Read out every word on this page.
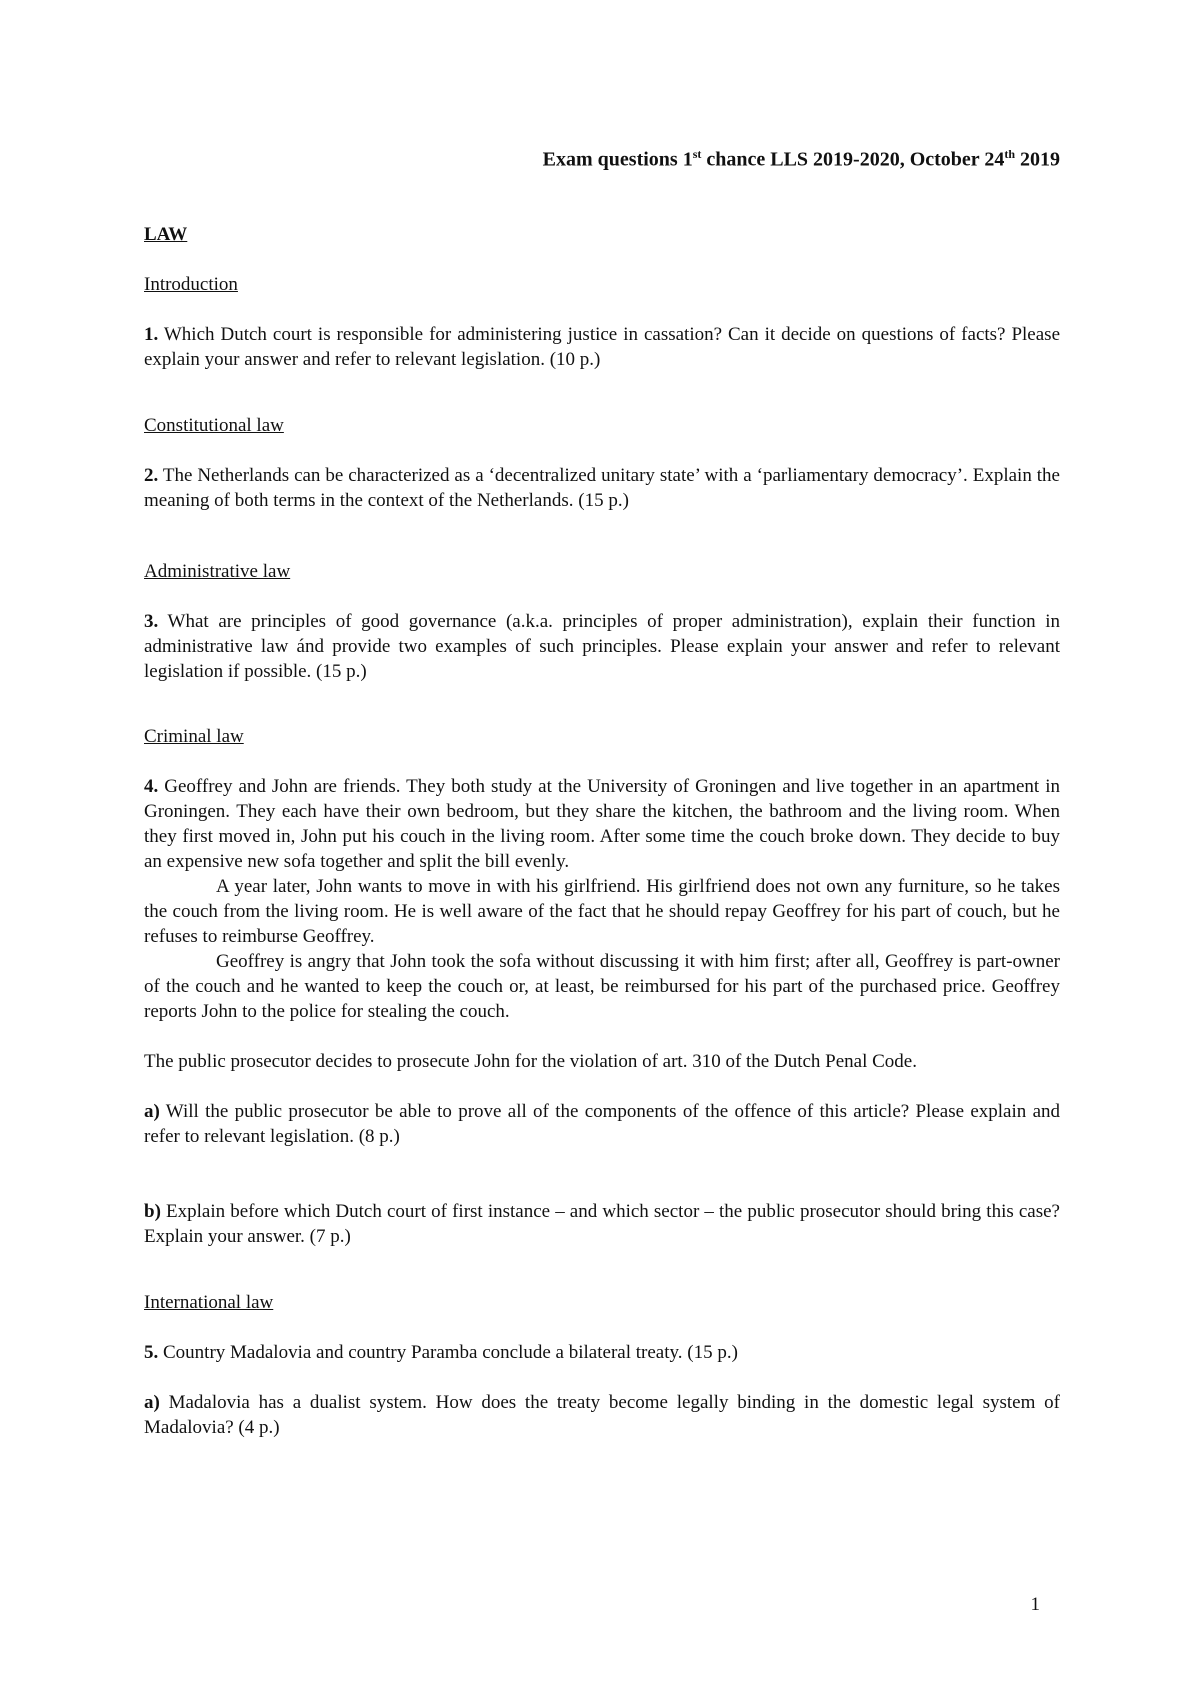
Exam questions 1st chance LLS 2019-2020, October 24th 2019
LAW
Introduction

1. Which Dutch court is responsible for administering justice in cassation? Can it decide on questions of facts? Please explain your answer and refer to relevant legislation. (10 p.)

Constitutional law

2. The Netherlands can be characterized as a ‘decentralized unitary state’ with a ‘parliamentary democracy’. Explain the meaning of both terms in the context of the Netherlands. (15 p.)

Administrative law

3. What are principles of good governance (a.k.a. principles of proper administration), explain their function in administrative law ánd provide two examples of such principles. Please explain your answer and refer to relevant legislation if possible. (15 p.)

Criminal law

4. Geoffrey and John are friends. They both study at the University of Groningen and live together in an apartment in Groningen. They each have their own bedroom, but they share the kitchen, the bathroom and the living room. When they first moved in, John put his couch in the living room. After some time the couch broke down. They decide to buy an expensive new sofa together and split the bill evenly.

A year later, John wants to move in with his girlfriend. His girlfriend does not own any furniture, so he takes the couch from the living room. He is well aware of the fact that he should repay Geoffrey for his part of couch, but he refuses to reimburse Geoffrey.

Geoffrey is angry that John took the sofa without discussing it with him first; after all, Geoffrey is part-owner of the couch and he wanted to keep the couch or, at least, be reimbursed for his part of the purchased price. Geoffrey reports John to the police for stealing the couch.

The public prosecutor decides to prosecute John for the violation of art. 310 of the Dutch Penal Code.

a) Will the public prosecutor be able to prove all of the components of the offence of this article? Please explain and refer to relevant legislation. (8 p.)

b) Explain before which Dutch court of first instance – and which sector – the public prosecutor should bring this case? Explain your answer. (7 p.)

International law

5. Country Madalovia and country Paramba conclude a bilateral treaty. (15 p.)

a) Madalovia has a dualist system. How does the treaty become legally binding in the domestic legal system of Madalovia? (4 p.)

1
